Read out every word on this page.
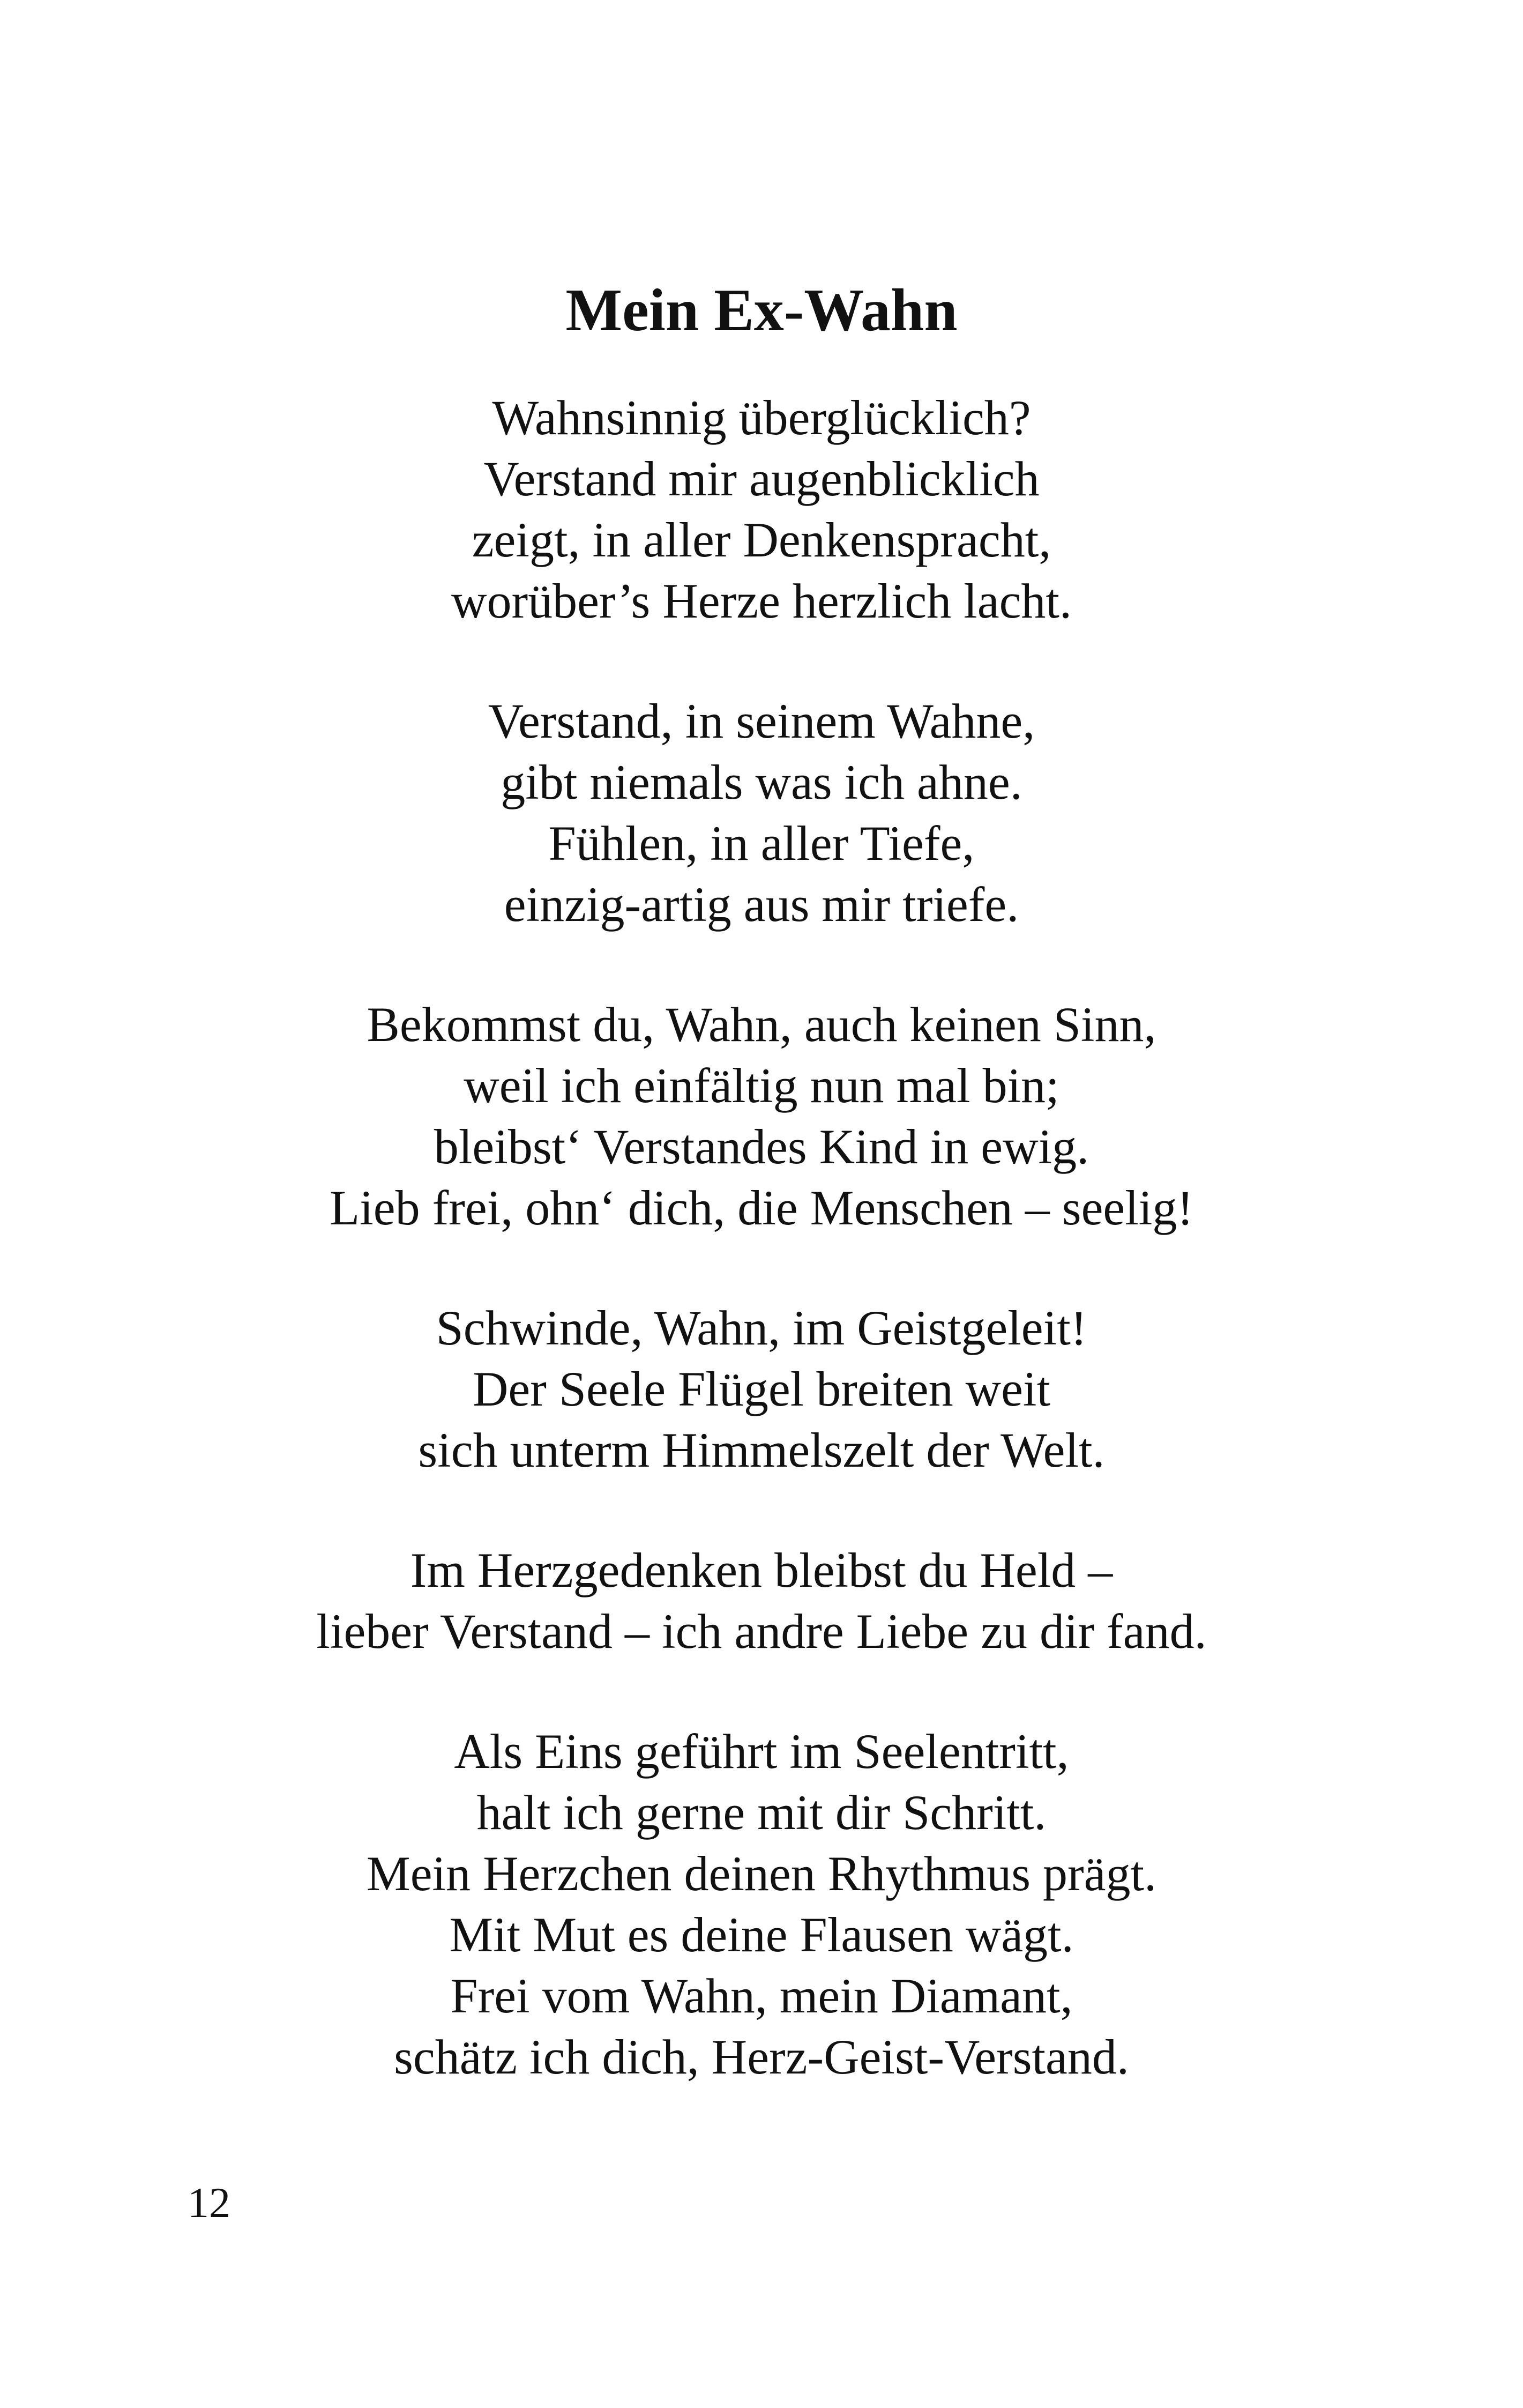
Mein Ex-Wahn
Wahnsinnig überglücklich?
Verstand mir augenblicklich
zeigt, in aller Denkenspracht,
worüber’s Herze herzlich lacht.
Verstand, in seinem Wahne,
gibt niemals was ich ahne.
Fühlen, in aller Tiefe,
einzig-artig aus mir triefe.
Bekommst du, Wahn, auch keinen Sinn,
weil ich einfältig nun mal bin;
bleibst‘ Verstandes Kind in ewig.
Lieb frei, ohn‘ dich, die Menschen – seelig!
Schwinde, Wahn, im Geistgeleit!
Der Seele Flügel breiten weit
sich unterm Himmelszelt der Welt.
Im Herzgedenken bleibst du Held –
lieber Verstand – ich andre Liebe zu dir fand.
Als Eins geführt im Seelentritt,
halt ich gerne mit dir Schritt.
Mein Herzchen deinen Rhythmus prägt.
Mit Mut es deine Flausen wägt.
Frei vom Wahn, mein Diamant,
schätz ich dich, Herz-Geist-Verstand.
12
